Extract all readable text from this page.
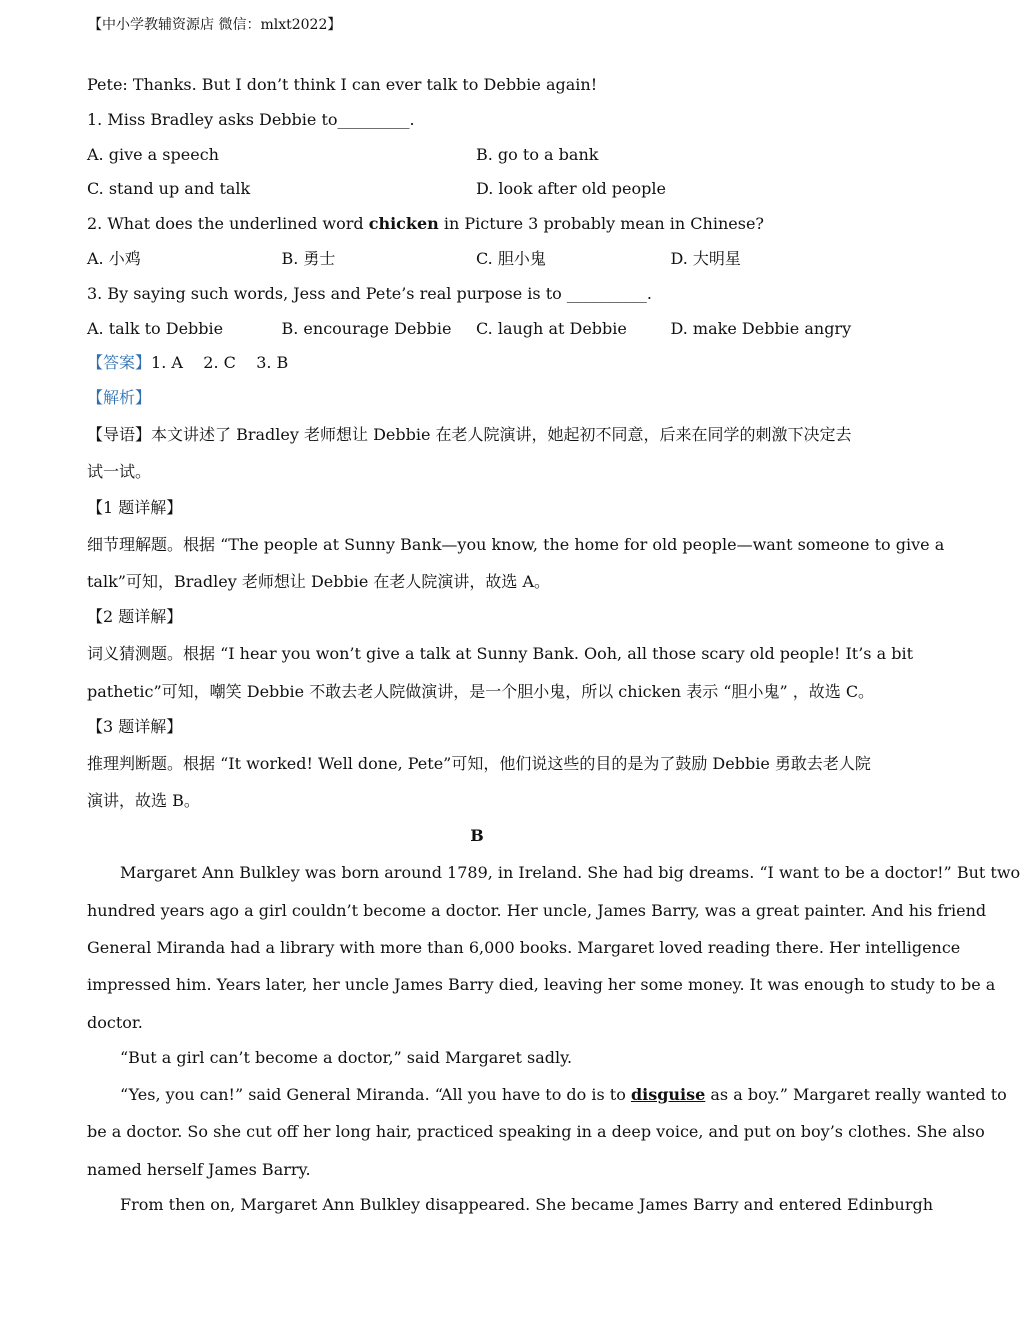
【中小学教辅资源店 微信：mlxt2022】
Pete: Thanks. But I don’t think I can ever talk to Debbie again!
1. Miss Bradley asks Debbie to_________.
A. give a speech	B. go to a bank
C. stand up and talk	D. look after old people
2. What does the underlined word chicken in Picture 3 probably mean in Chinese?
A. 小鸡	B. 勇士	C. 胆小鬼	D. 大明星
3. By saying such words, Jess and Pete’s real purpose is to __________.
A. talk to Debbie	B. encourage Debbie	C. laugh at Debbie	D. make Debbie angry
【答案】1. A    2. C    3. B
【解析】
【导语】本文讲述了 Bradley 老师想让 Debbie 在老人院演讲，她起初不同意，后来在同学的刺激下决定去
试一试。
【1 题详解】
细节理解题。根据 “The people at Sunny Bank—you know, the home for old people—want someone to give a
talk”可知，Bradley 老师想让 Debbie 在老人院演讲，故选 A。
【2 题详解】
词义猜测题。根据 “I hear you won’t give a talk at Sunny Bank. Ooh, all those scary old people! It’s a bit
pathetic”可知，嘲笑 Debbie 不敢去老人院做演讲，是一个胆小鬼，所以 chicken 表示 “胆小鬼” ，故选 C。
【3 题详解】
推理判断题。根据 “It worked! Well done, Pete”可知，他们说这些的目的是为了鼓励 Debbie 勇敢去老人院
演讲，故选 B。
B
Margaret Ann Bulkley was born around 1789, in Ireland. She had big dreams. “I want to be a doctor!” But two
hundred years ago a girl couldn’t become a doctor. Her uncle, James Barry, was a great painter. And his friend
General Miranda had a library with more than 6,000 books. Margaret loved reading there. Her intelligence
impressed him. Years later, her uncle James Barry died, leaving her some money. It was enough to study to be a
doctor.
“But a girl can’t become a doctor,” said Margaret sadly.
“Yes, you can!” said General Miranda. “All you have to do is to disguise as a boy.” Margaret really wanted to
be a doctor. So she cut off her long hair, practiced speaking in a deep voice, and put on boy’s clothes. She also
named herself James Barry.
From then on, Margaret Ann Bulkley disappeared. She became James Barry and entered Edinburgh
